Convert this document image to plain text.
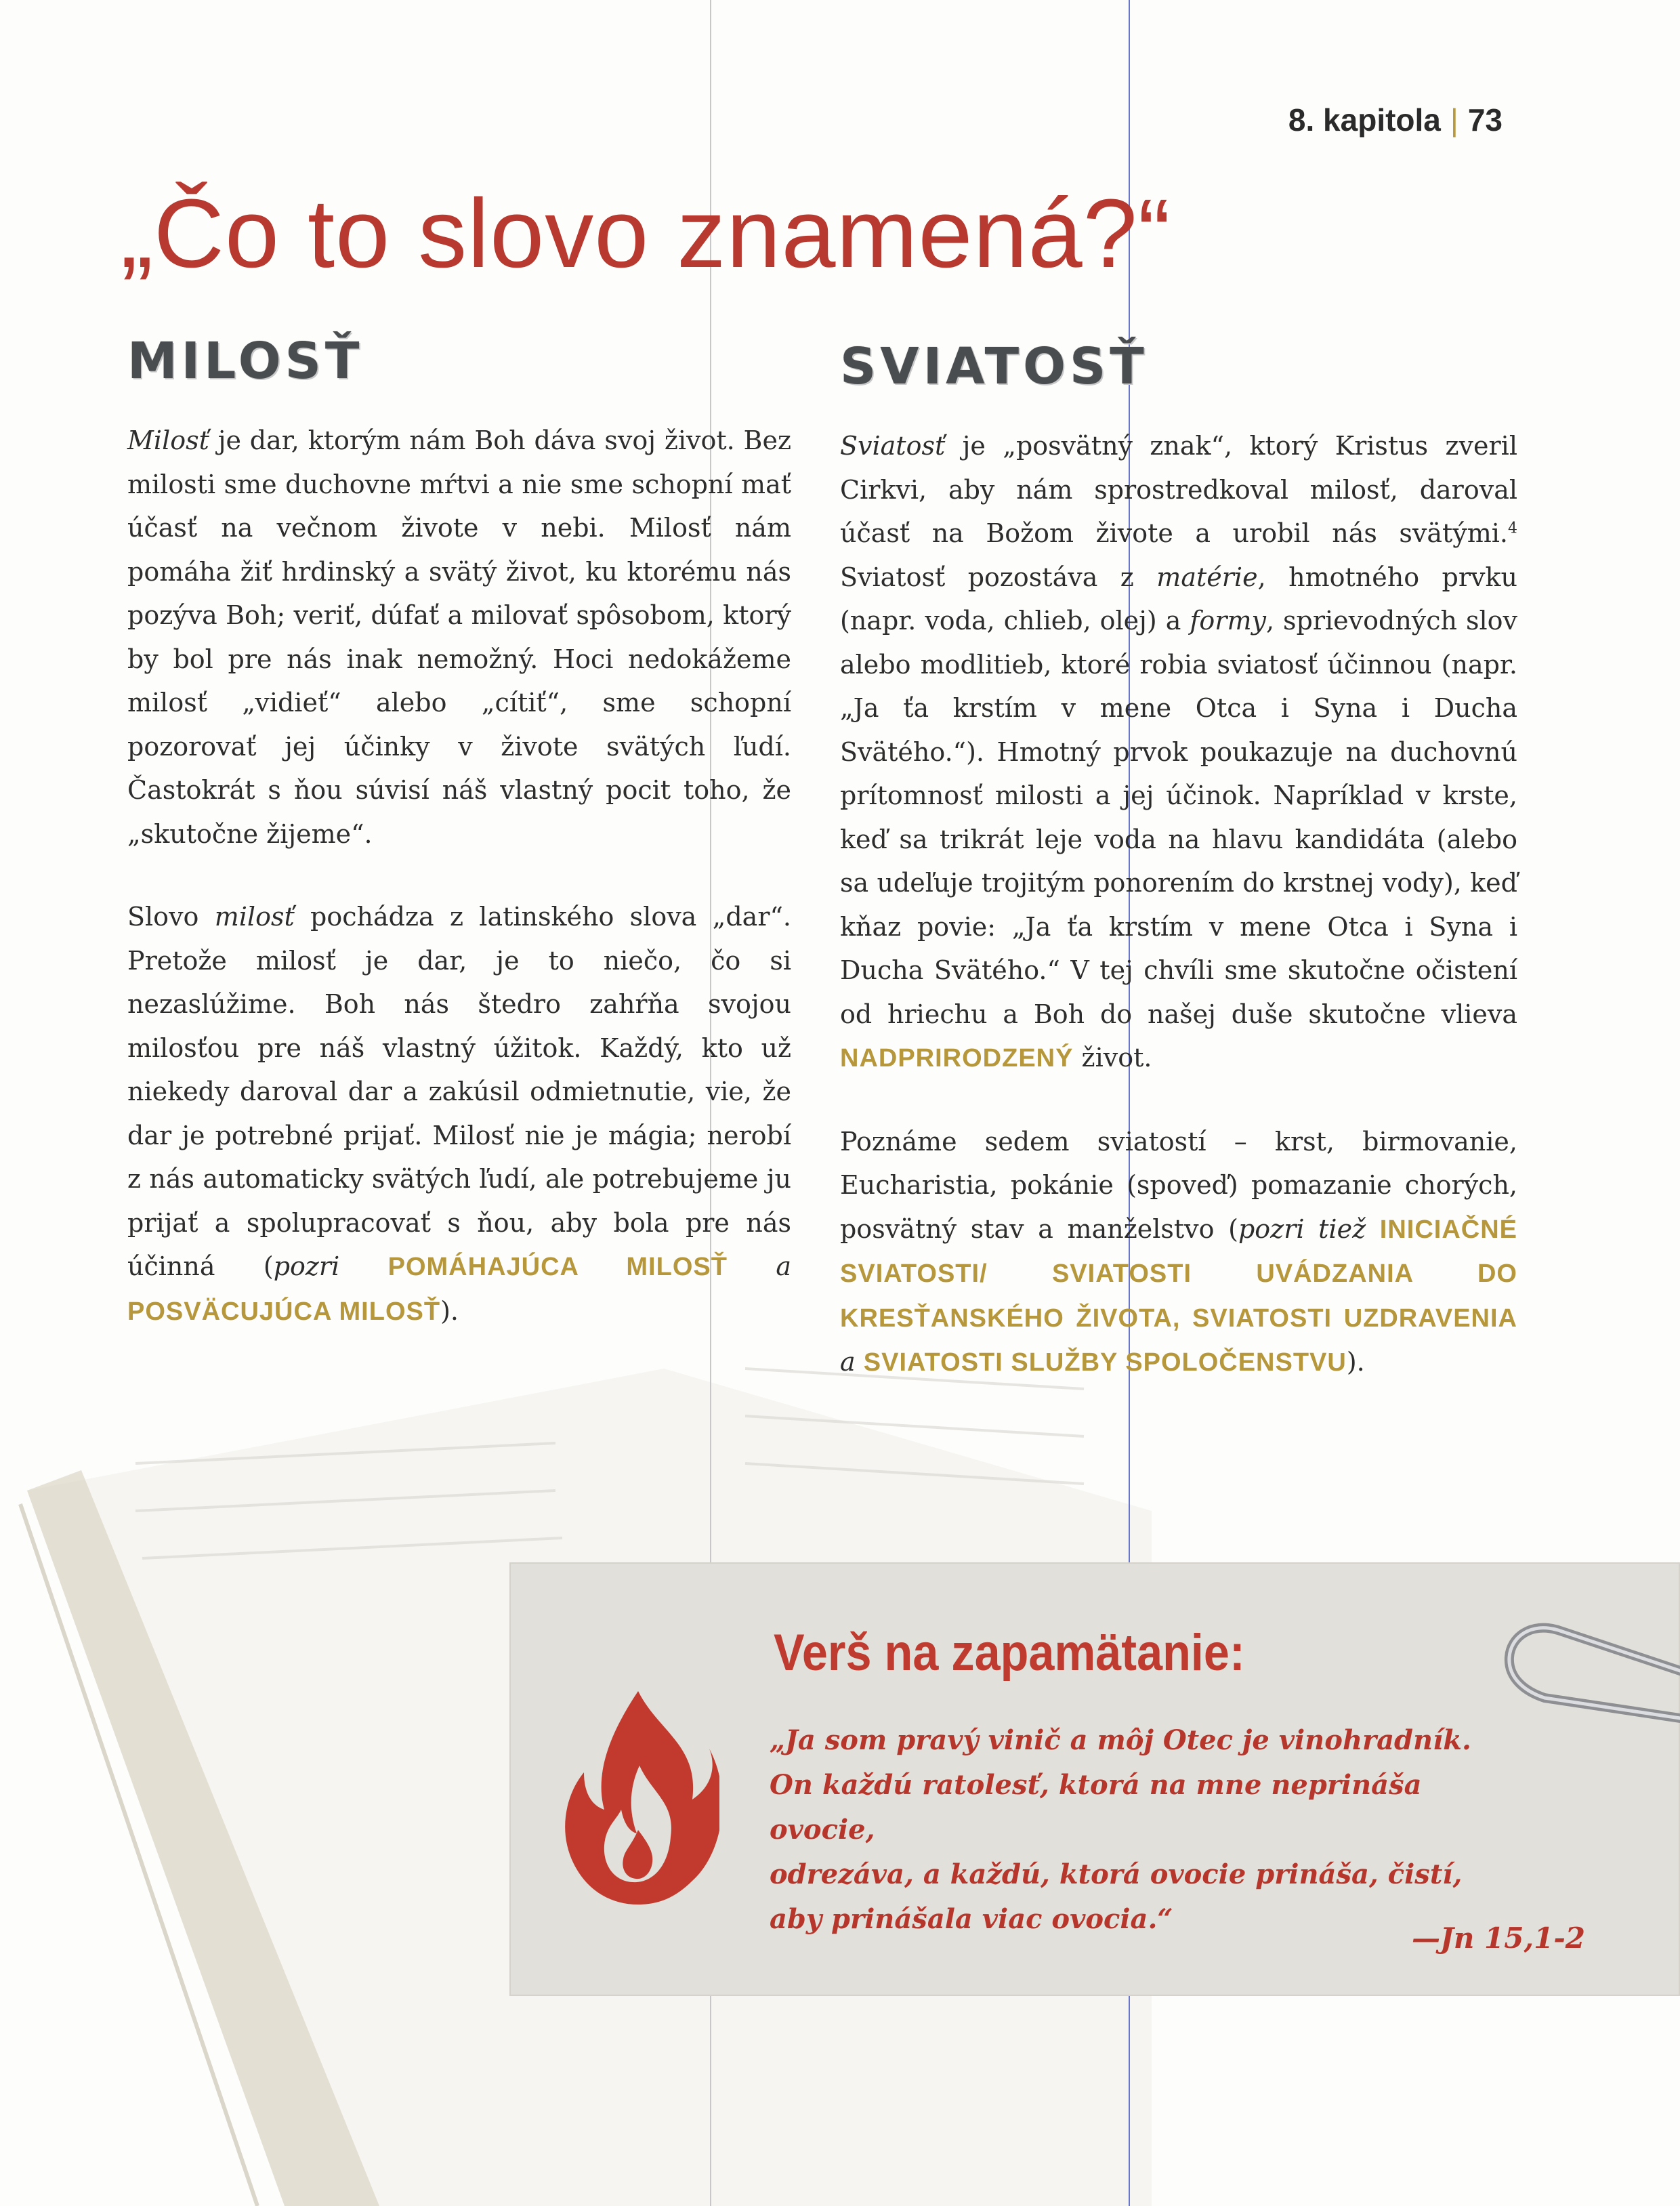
8. kapitola | 73
„Čo to slovo znamená?“
MILOSŤ

Milosť je dar, ktorým nám Boh dáva svoj život. Bez milosti sme duchovne mŕtvi a nie sme schopní mať účasť na večnom živote v nebi. Milosť nám pomáha žiť hrdinský a svätý život, ku ktorému nás pozýva Boh; veriť, dúfať a milovať spôsobom, ktorý by bol pre nás inak nemožný. Hoci nedokážeme milosť „vidieť“ alebo „cítiť“, sme schopní pozorovať jej účinky v živote svätých ľudí. Častokrát s ňou súvisí náš vlastný pocit toho, že „skutočne žijeme“.

Slovo milosť pochádza z latinského slova „dar“. Pretože milosť je dar, je to niečo, čo si nezaslúžime. Boh nás štedro zahŕňa svojou milosťou pre náš vlastný úžitok. Každý, kto už niekedy daroval dar a zakúsil odmietnutie, vie, že dar je potrebné prijať. Milosť nie je mágia; nerobí z nás automaticky svätých ľudí, ale potrebujeme ju prijať a spolupracovať s ňou, aby bola pre nás účinná (pozri POMÁHAJÚCA MILOSŤ a POSVÄCUJÚCA MILOSŤ).

SVIATOSŤ

Sviatosť je „posvätný znak“, ktorý Kristus zveril Cirkvi, aby nám sprostredkoval milosť, daroval účasť na Božom živote a urobil nás svätými.$^4$ Sviatosť pozostáva z matérie, hmotného prvku (napr. voda, chlieb, olej) a formy, sprievodných slov alebo modlitieb, ktoré robia sviatosť účinnou (napr. „Ja ťa krstím v mene Otca i Syna i Ducha Svätého.“). Hmotný prvok poukazuje na duchovnú prítomnosť milosti a jej účinok. Napríklad v krste, keď sa trikrát leje voda na hlavu kandidáta (alebo sa udeľuje trojitým ponorením do krstnej vody), keď kňaz povie: „Ja ťa krstím v mene Otca i Syna i Ducha Svätého.“ V tej chvíli sme skutočne očistení od hriechu a Boh do našej duše skutočne vlieva NADPRIRODZENÝ život.

Poznáme sedem sviatostí – krst, birmovanie, Eucharistia, pokánie (spoveď) pomazanie chorých, posvätný stav a manželstvo (pozri tiež INICIAČNÉ SVIATOSTI/ SVIATOSTI UVÁDZANIA DO KRESŤANSKÉHO ŽIVOTA, SVIATOSTI UZDRAVENIA a SVIATOSTI SLUŽBY SPOLOČENSTVU).

Verš na zapamätanie:

„Ja som pravý vinič a môj Otec je vinohradník.
On každú ratolesť, ktorá na mne neprináša ovocie,
odrezáva, a každú, ktorá ovocie prináša, čistí,
aby prinášala viac ovocia.“

—Jn 15,1-2
